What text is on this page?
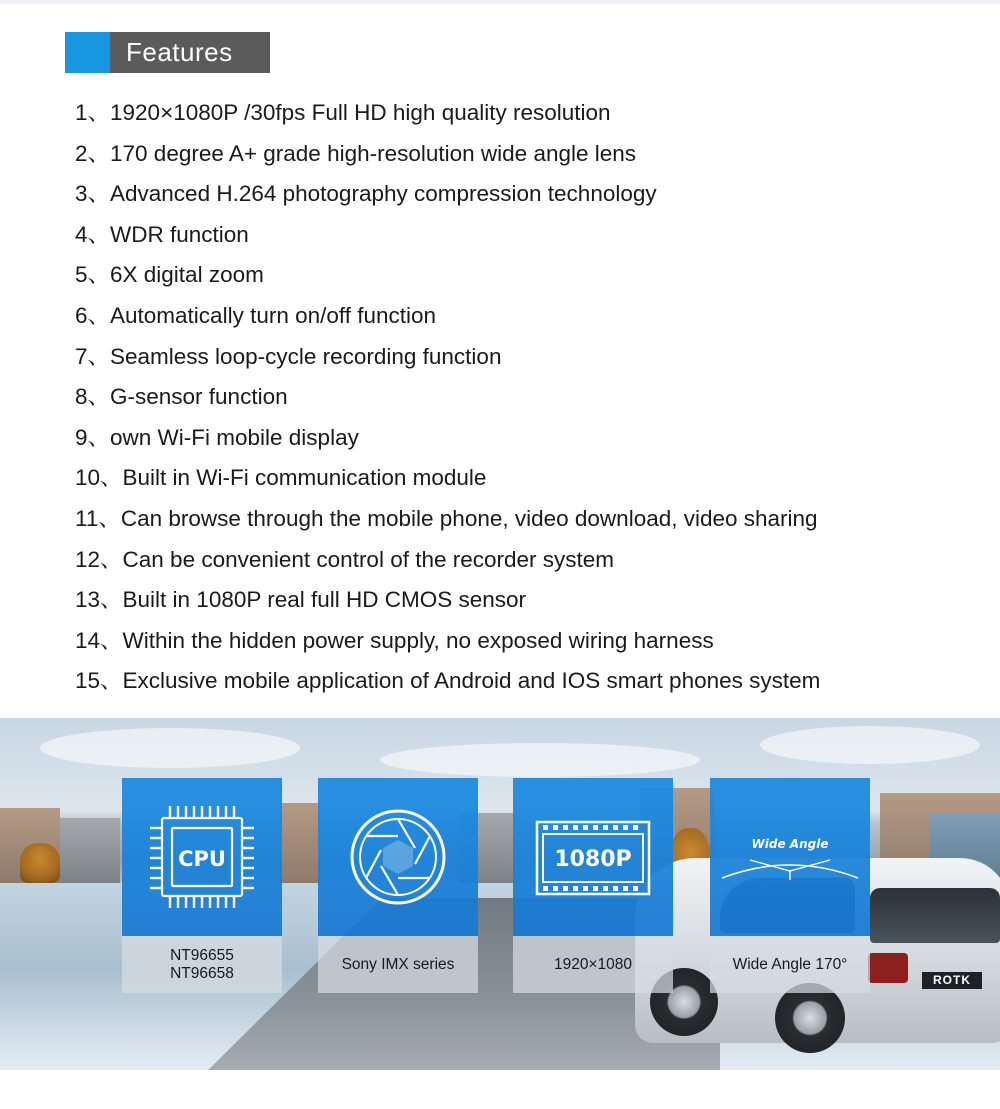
Features
1、1920×1080P /30fps Full HD high quality resolution
2、170 degree A+ grade high-resolution wide angle lens
3、Advanced H.264 photography compression technology
4、WDR function
5、6X digital zoom
6、Automatically turn on/off function
7、Seamless loop-cycle recording function
8、G-sensor function
9、own Wi-Fi mobile display
10、Built in Wi-Fi communication module
11、Can browse through the mobile phone, video download, video sharing
12、Can be convenient control of the recorder system
13、Built in 1080P real full HD CMOS sensor
14、Within the hidden power supply, no exposed wiring harness
15、Exclusive mobile application of Android and IOS smart phones system
ROTK
CPU
NT96655
NT96658
Sony IMX series
1080P
1920×1080
Wide Angle
Wide Angle 170°
